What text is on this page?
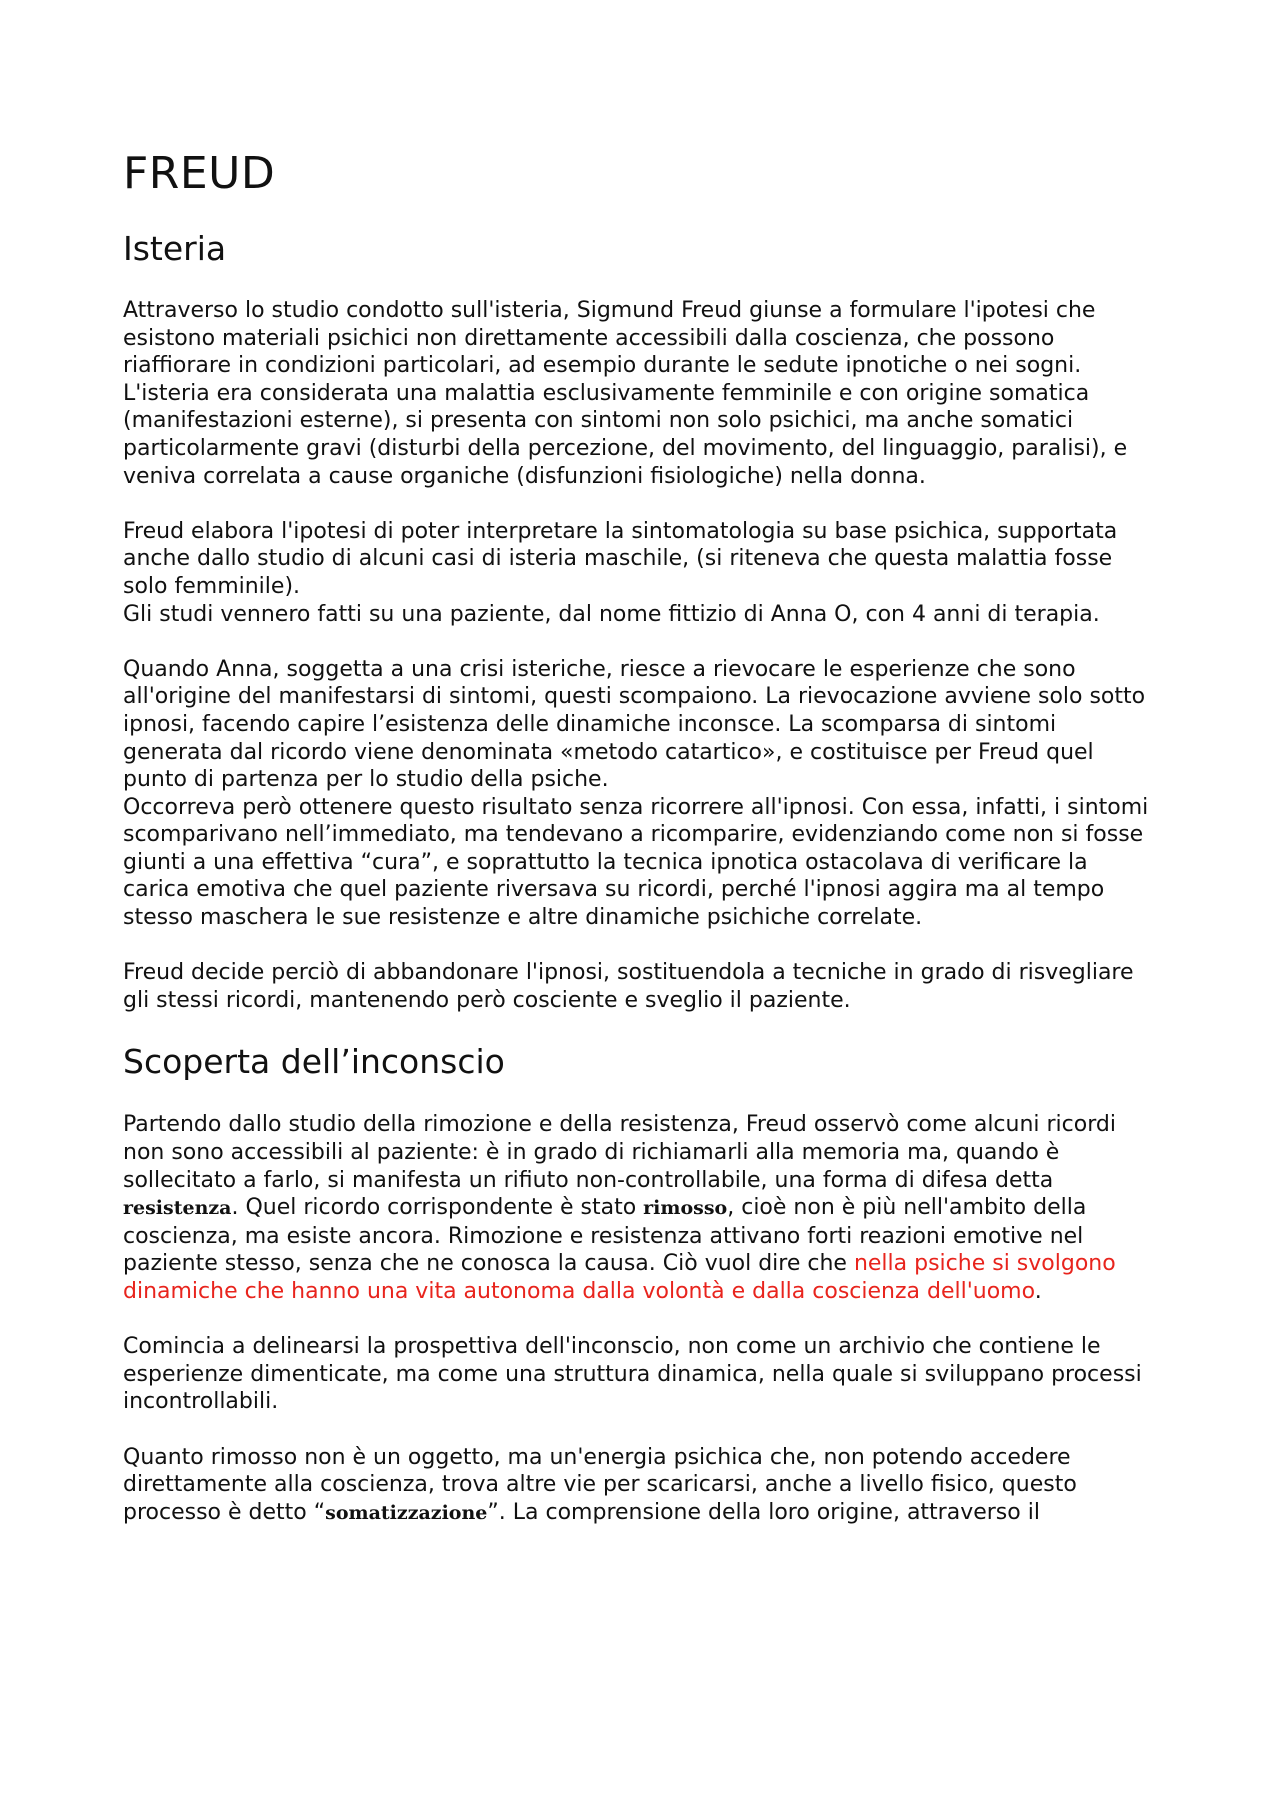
FREUD
Isteria

Attraverso lo studio condotto sull'isteria, Sigmund Freud giunse a formulare l'ipotesi che esistono materiali psichici non direttamente accessibili dalla coscienza, che possono riaffiorare in condizioni particolari, ad esempio durante le sedute ipnotiche o nei sogni.

L'isteria era considerata una malattia esclusivamente femminile e con origine somatica (manifestazioni esterne), si presenta con sintomi non solo psichici, ma anche somatici particolarmente gravi (disturbi della percezione, del movimento, del linguaggio, paralisi), e veniva correlata a cause organiche (disfunzioni fisiologiche) nella donna.

Freud elabora l'ipotesi di poter interpretare la sintomatologia su base psichica, supportata anche dallo studio di alcuni casi di isteria maschile, (si riteneva che questa malattia fosse solo femminile).

Gli studi vennero fatti su una paziente, dal nome fittizio di Anna O, con 4 anni di terapia.

Quando Anna, soggetta a una crisi isteriche, riesce a rievocare le esperienze che sono all'origine del manifestarsi di sintomi, questi scompaiono. La rievocazione avviene solo sotto ipnosi, facendo capire l’esistenza delle dinamiche inconsce. La scomparsa di sintomi generata dal ricordo viene denominata «metodo catartico», e costituisce per Freud quel punto di partenza per lo studio della psiche.

Occorreva però ottenere questo risultato senza ricorrere all'ipnosi. Con essa, infatti, i sintomi scomparivano nell’immediato, ma tendevano a ricomparire, evidenziando come non si fosse giunti a una effettiva “cura”, e soprattutto la tecnica ipnotica ostacolava di verificare la carica emotiva che quel paziente riversava su ricordi, perché l'ipnosi aggira ma al tempo stesso maschera le sue resistenze e altre dinamiche psichiche correlate.

Freud decide perciò di abbandonare l'ipnosi, sostituendola a tecniche in grado di risvegliare gli stessi ricordi, mantenendo però cosciente e sveglio il paziente.

Scoperta dell’inconscio

Partendo dallo studio della rimozione e della resistenza, Freud osservò come alcuni ricordi non sono accessibili al paziente: è in grado di richiamarli alla memoria ma, quando è sollecitato a farlo, si manifesta un rifiuto non-controllabile, una forma di difesa detta resistenza. Quel ricordo corrispondente è stato rimosso, cioè non è più nell'ambito della coscienza, ma esiste ancora. Rimozione e resistenza attivano forti reazioni emotive nel paziente stesso, senza che ne conosca la causa. Ciò vuol dire che nella psiche si svolgono dinamiche che hanno una vita autonoma dalla volontà e dalla coscienza dell'uomo.

Comincia a delinearsi la prospettiva dell'inconscio, non come un archivio che contiene le esperienze dimenticate, ma come una struttura dinamica, nella quale si sviluppano processi incontrollabili.

Quanto rimosso non è un oggetto, ma un'energia psichica che, non potendo accedere direttamente alla coscienza, trova altre vie per scaricarsi, anche a livello fisico, questo processo è detto “somatizzazione”. La comprensione della loro origine, attraverso il
